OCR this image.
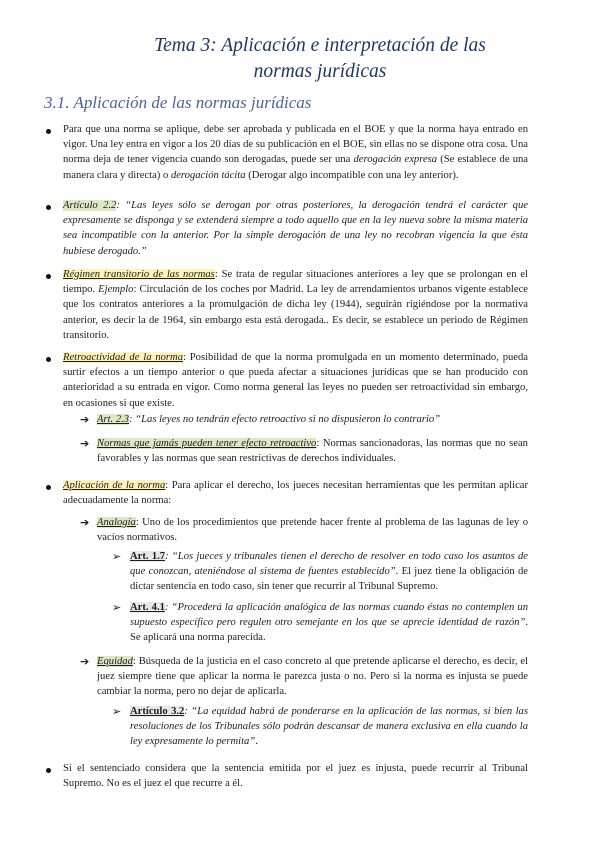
Tema 3: Aplicación e interpretación de las
normas jurídicas
3.1. Aplicación de las normas jurídicas
Para que una norma se aplique, debe ser aprobada y publicada en el BOE y que la norma haya entrado en vigor. Una ley entra en vigor a los 20 días de su publicación en el BOE, sin ellas no se dispone otra cosa. Una norma deja de tener vigencia cuando son derogadas, puede ser una derogación expresa (Se establece de una manera clara y directa) o derogación tácita (Derogar algo incompatible con una ley anterior).
Artículo 2.2: “Las leyes sólo se derogan por otras posteriores, la derogación tendrá el carácter que expresamente se disponga y se extenderá siempre a todo aquello que en la ley nueva sobre la misma materia sea incompatible con la anterior. Por la simple derogación de una ley no recobran vigencia la que ésta hubiese derogado.”
Régimen transitorio de las normas: Se trata de regular situaciones anteriores a ley que se prolongan en el tiempo. Ejemplo: Circulación de los coches por Madrid. La ley de arrendamientos urbanos vigente establece que los contratos anteriores a la promulgación de dicha ley (1944), seguirán rigiéndose por la normativa anterior, es decir la de 1964, sin embargo esta está derogada.. Es decir, se establece un periodo de Régimen transitorio.
Retroactividad de la norma: Posibilidad de que la norma promulgada en un momento determinado, pueda surtir efectos a un tiempo anterior o que pueda afectar a situaciones jurídicas que se han producido con anterioridad a su entrada en vigor. Como norma general las leyes no pueden ser retroactividad sin embargo, en ocasiones si que existe.
➔ Art. 2.3: “Las leyes no tendrán efecto retroactivo si no dispusieron lo contrario”
➔ Normas que jamás pueden tener efecto retroactivo: Normas sancionadoras, las normas que no sean favorables y las normas que sean restrictivas de derechos individuales.
Aplicación de la norma: Para aplicar el derecho, los jueces necesitan herramientas que les permitan aplicar adecuadamente la norma:
➔ Analogía: Uno de los procedimientos que pretende hacer frente al problema de las lagunas de ley o vacíos normativos.
➢ Art. 1.7: “Los jueces y tribunales tienen el derecho de resolver en todo caso los asuntos de que conozcan, ateniéndose al sistema de fuentes establecido”. El juez tiene la obligación de dictar sentencia en todo caso, sin tener que recurrir al Tribunal Supremo.
➢ Art. 4.1: “Procederá la aplicación analógica de las normas cuando éstas no contemplen un supuesto específico pero regulen otro semejante en los que se aprecie identidad de razón”. Se aplicará una norma parecida.
➔ Equidad: Búsqueda de la justicia en el caso concreto al que pretende aplicarse el derecho, es decir, el juez siempre tiene que aplicar la norma le parezca justa o no. Pero si la norma es injusta se puede cambiar la norma, pero no dejar de aplicarla.
➢ Artículo 3.2: “La equidad habrá de ponderarse en la aplicación de las normas, si bien las resoluciones de los Tribunales sólo podrán descansar de manera exclusiva en ella cuando la ley expresamente lo permita”.
Si el sentenciado considera que la sentencia emitida por el juez es injusta, puede recurrir al Tribunal Supremo. No es el juez el que recurre a él.
